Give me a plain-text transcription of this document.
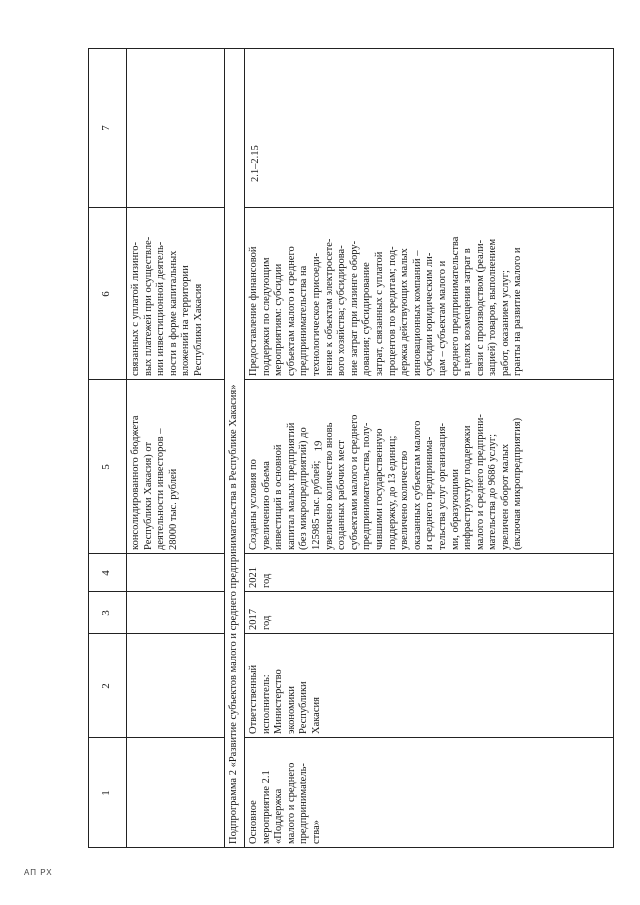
19
АП РХ
1
2
3
4
5
6
7
консолидированного бюджета
Республики Хакасия) от
деятельности инвесторов –
28000 тыс. рублей
связанных с уплатой лизинго-
вых платежей при осуществле-
нии инвестиционной деятель-
ности в форме капитальных
вложений на территории
Республики Хакасия
Подпрограмма 2 «Развитие субъектов малого и среднего предпринимательства в Республике Хакасия» Основное
мероприятие 2.1
«Поддержка
малого и среднего
предпринимatель-
ства»
Ответственный
исполнитель:
Министерство
экономики
Республики
Хакасия
2017
год
2021
год
Созданы условия по
увеличению объема
инвестиций в основной
капитал малых предприятий
(без микропредприятий) до
125985 тыс. рублей;
увеличено количество вновь
созданных рабочих мест
субъектами малого и среднего
предпринимательства, полу-
чившими государственную
поддержку, до 13 единиц;
увеличено количество
оказанных субъектам малого
и среднего предпринима-
тельства услуг организация-
ми, образующими
инфраструктуру поддержки
малого и среднего предприни-
мательства до 9686 услуг;
увеличен оборот малых
(включая микропредприятия)
Предоставление финансовой
поддержки по следующим
мероприятиям: субсидии
субъектам малого и среднего
предпринимательства на
технологическое присоеди-
нение к объектам электросете-
вого хозяйства; субсидирова-
ние затрат при лизинге обору-
дования; субсидирование
затрат, связанных с уплатой
процентов по кредитам; под-
держка действующих малых
инновационных компаний –
субсидии юридическим ли-
цам – субъектам малого и
среднего предпринимательства
в целях возмещения затрат в
связи с производством (реали-
зацией) товаров, выполнением
работ, оказанием услуг;
гранты на развитие малого и
2.1–2.15
